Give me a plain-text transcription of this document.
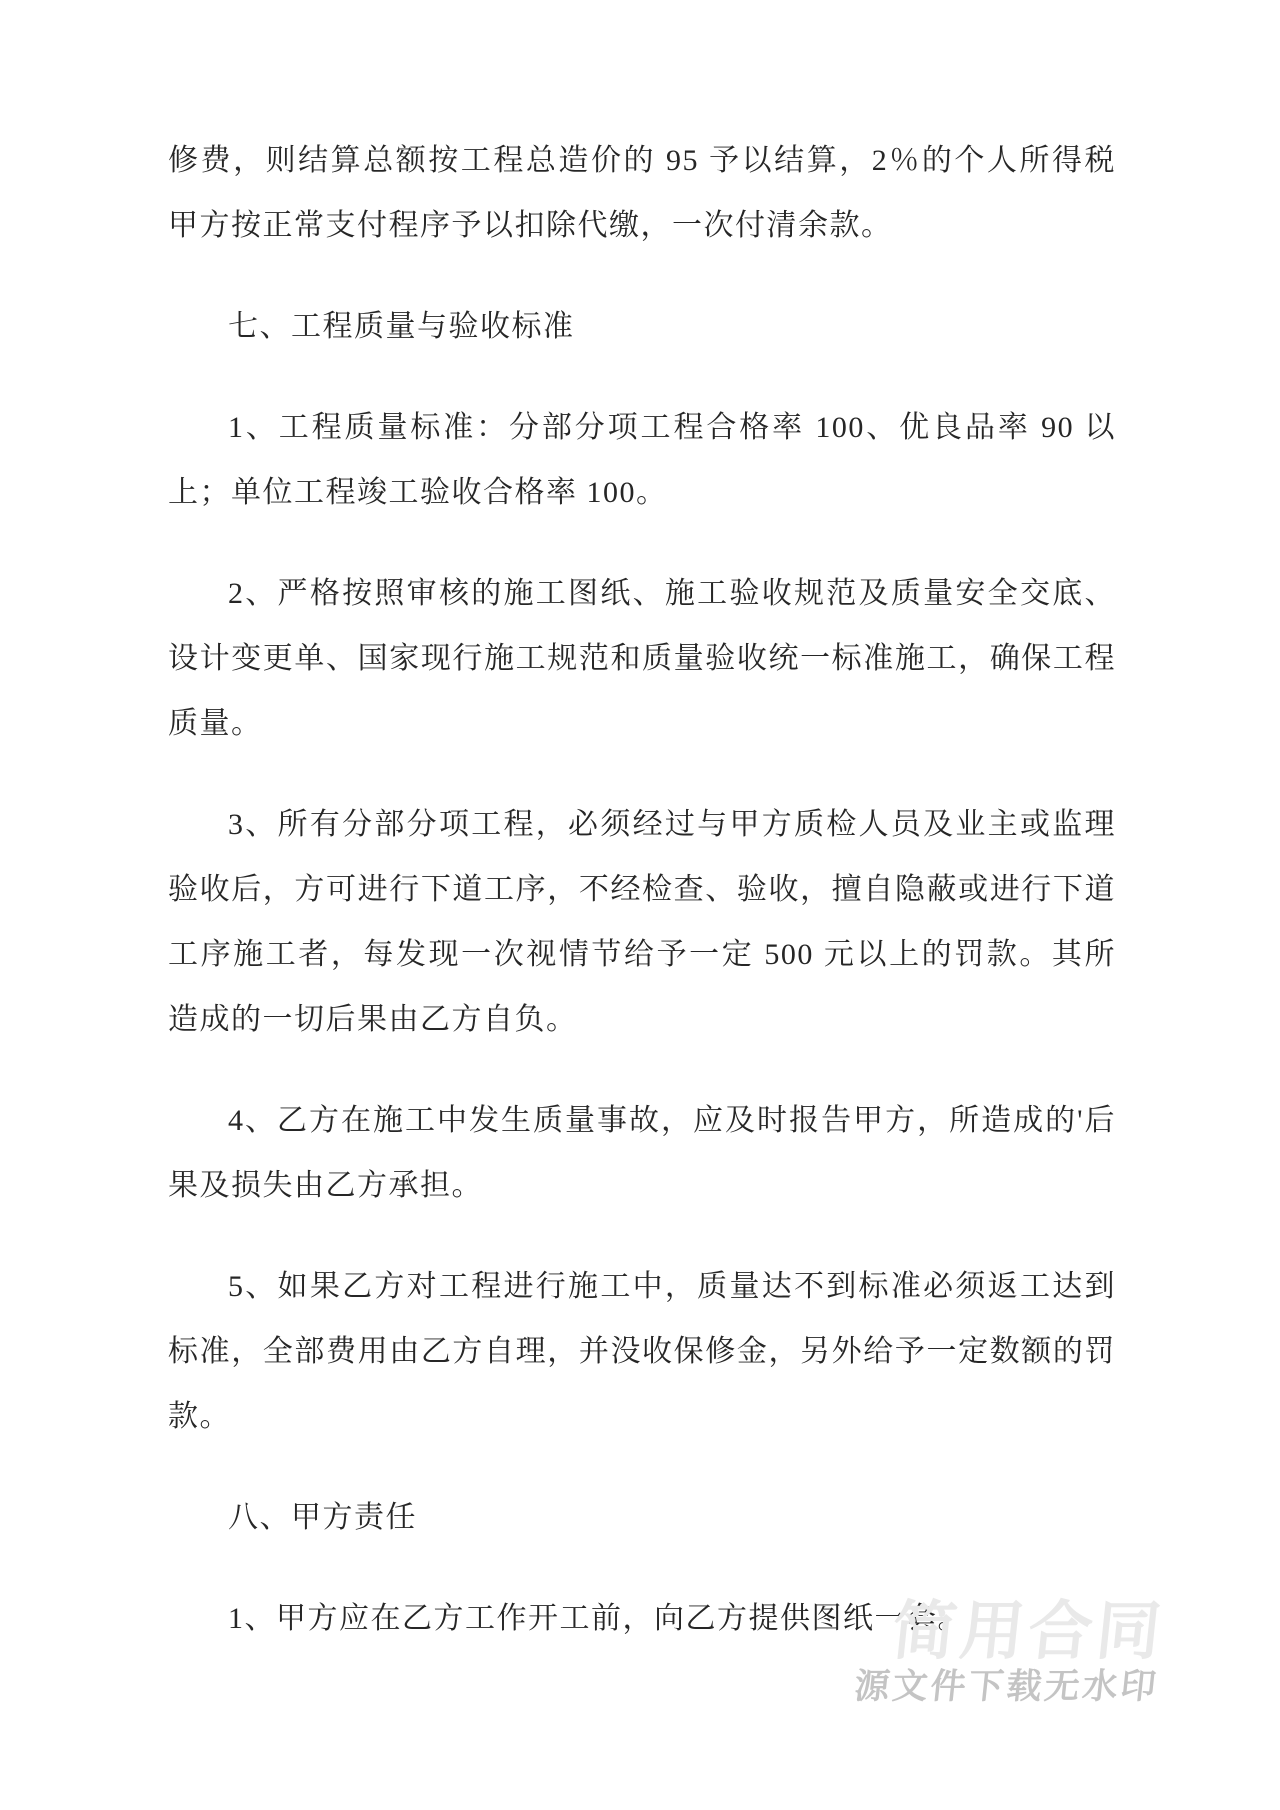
修费，则结算总额按工程总造价的 95 予以结算，2％的个人所得税甲方按正常支付程序予以扣除代缴，一次付清余款。

七、工程质量与验收标准

1、工程质量标准：分部分项工程合格率 100、优良品率 90 以上；单位工程竣工验收合格率 100。

2、严格按照审核的施工图纸、施工验收规范及质量安全交底、设计变更单、国家现行施工规范和质量验收统一标准施工，确保工程质量。

3、所有分部分项工程，必须经过与甲方质检人员及业主或监理验收后，方可进行下道工序，不经检查、验收，擅自隐蔽或进行下道工序施工者，每发现一次视情节给予一定 500 元以上的罚款。其所造成的一切后果由乙方自负。

4、乙方在施工中发生质量事故，应及时报告甲方，所造成的'后果及损失由乙方承担。

5、如果乙方对工程进行施工中，质量达不到标准必须返工达到标准，全部费用由乙方自理，并没收保修金，另外给予一定数额的罚款。

八、甲方责任

1、甲方应在乙方工作开工前，向乙方提供图纸一套。

简用合同
源文件下载无水印
